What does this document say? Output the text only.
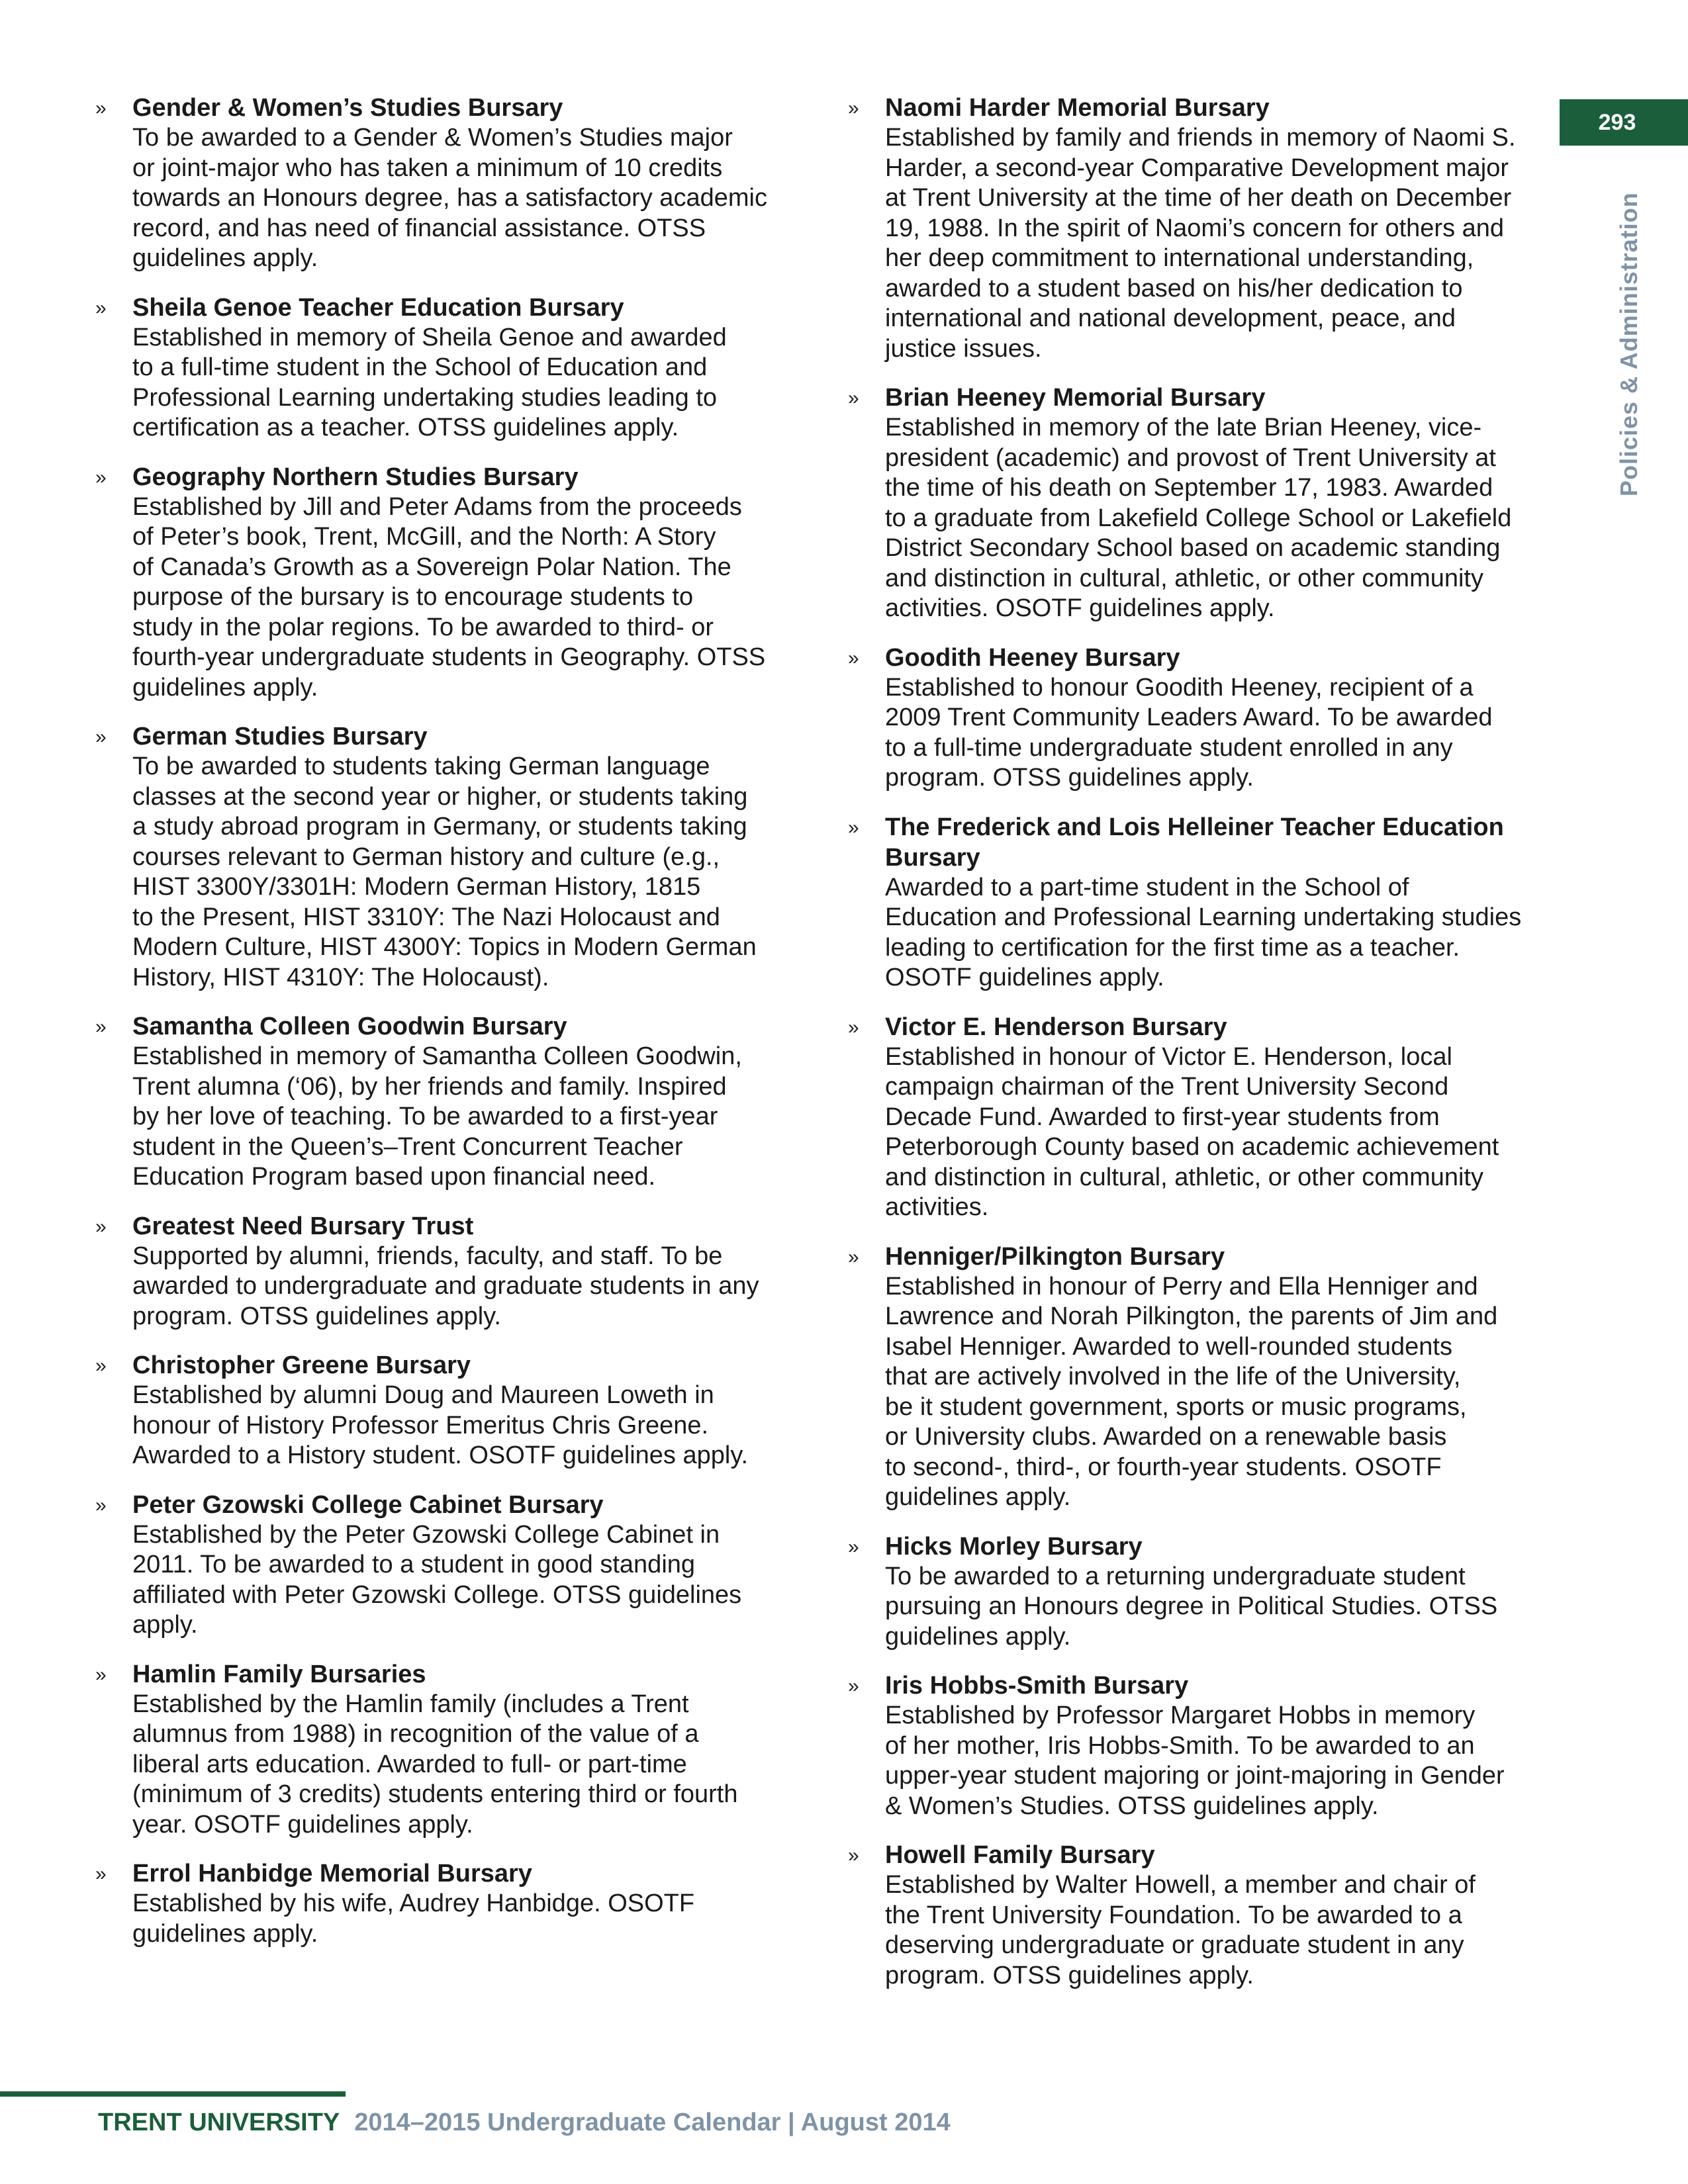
293
Policies & Administration
» Gender & Women’s Studies Bursary
To be awarded to a Gender & Women’s Studies major
or joint-major who has taken a minimum of 10 credits
towards an Honours degree, has a satisfactory academic
record, and has need of financial assistance. OTSS
guidelines apply.
» Sheila Genoe Teacher Education Bursary
Established in memory of Sheila Genoe and awarded
to a full-time student in the School of Education and
Professional Learning undertaking studies leading to
certification as a teacher. OTSS guidelines apply.
» Geography Northern Studies Bursary
Established by Jill and Peter Adams from the proceeds
of Peter’s book, Trent, McGill, and the North: A Story
of Canada’s Growth as a Sovereign Polar Nation. The
purpose of the bursary is to encourage students to
study in the polar regions. To be awarded to third- or
fourth-year undergraduate students in Geography. OTSS
guidelines apply.
» German Studies Bursary
To be awarded to students taking German language
classes at the second year or higher, or students taking
a study abroad program in Germany, or students taking
courses relevant to German history and culture (e.g.,
HIST 3300Y/3301H: Modern German History, 1815
to the Present, HIST 3310Y: The Nazi Holocaust and
Modern Culture, HIST 4300Y: Topics in Modern German
History, HIST 4310Y: The Holocaust).
» Samantha Colleen Goodwin Bursary
Established in memory of Samantha Colleen Goodwin,
Trent alumna (‘06), by her friends and family. Inspired
by her love of teaching. To be awarded to a first-year
student in the Queen’s–Trent Concurrent Teacher
Education Program based upon financial need.
» Greatest Need Bursary Trust
Supported by alumni, friends, faculty, and staff. To be
awarded to undergraduate and graduate students in any
program. OTSS guidelines apply.
» Christopher Greene Bursary
Established by alumni Doug and Maureen Loweth in
honour of History Professor Emeritus Chris Greene.
Awarded to a History student. OSOTF guidelines apply.
» Peter Gzowski College Cabinet Bursary
Established by the Peter Gzowski College Cabinet in
2011. To be awarded to a student in good standing
affiliated with Peter Gzowski College. OTSS guidelines
apply.
» Hamlin Family Bursaries
Established by the Hamlin family (includes a Trent
alumnus from 1988) in recognition of the value of a
liberal arts education. Awarded to full- or part-time
(minimum of 3 credits) students entering third or fourth
year. OSOTF guidelines apply.
» Errol Hanbidge Memorial Bursary
Established by his wife, Audrey Hanbidge. OSOTF
guidelines apply.
» Naomi Harder Memorial Bursary
Established by family and friends in memory of Naomi S.
Harder, a second-year Comparative Development major
at Trent University at the time of her death on December
19, 1988. In the spirit of Naomi’s concern for others and
her deep commitment to international understanding,
awarded to a student based on his/her dedication to
international and national development, peace, and
justice issues.
» Brian Heeney Memorial Bursary
Established in memory of the late Brian Heeney, vice-
president (academic) and provost of Trent University at
the time of his death on September 17, 1983. Awarded
to a graduate from Lakefield College School or Lakefield
District Secondary School based on academic standing
and distinction in cultural, athletic, or other community
activities. OSOTF guidelines apply.
» Goodith Heeney Bursary
Established to honour Goodith Heeney, recipient of a
2009 Trent Community Leaders Award. To be awarded
to a full-time undergraduate student enrolled in any
program. OTSS guidelines apply.
» The Frederick and Lois Helleiner Teacher Education Bursary
Awarded to a part-time student in the School of
Education and Professional Learning undertaking studies
leading to certification for the first time as a teacher.
OSOTF guidelines apply.
» Victor E. Henderson Bursary
Established in honour of Victor E. Henderson, local
campaign chairman of the Trent University Second
Decade Fund. Awarded to first-year students from
Peterborough County based on academic achievement
and distinction in cultural, athletic, or other community
activities.
» Henniger/Pilkington Bursary
Established in honour of Perry and Ella Henniger and
Lawrence and Norah Pilkington, the parents of Jim and
Isabel Henniger. Awarded to well-rounded students
that are actively involved in the life of the University,
be it student government, sports or music programs,
or University clubs. Awarded on a renewable basis
to second-, third-, or fourth-year students. OSOTF
guidelines apply.
» Hicks Morley Bursary
To be awarded to a returning undergraduate student
pursuing an Honours degree in Political Studies. OTSS
guidelines apply.
» Iris Hobbs-Smith Bursary
Established by Professor Margaret Hobbs in memory
of her mother, Iris Hobbs-Smith. To be awarded to an
upper-year student majoring or joint-majoring in Gender
& Women’s Studies. OTSS guidelines apply.
» Howell Family Bursary
Established by Walter Howell, a member and chair of
the Trent University Foundation. To be awarded to a
deserving undergraduate or graduate student in any
program. OTSS guidelines apply.
TRENT UNIVERSITY 2014–2015 Undergraduate Calendar | August 2014
